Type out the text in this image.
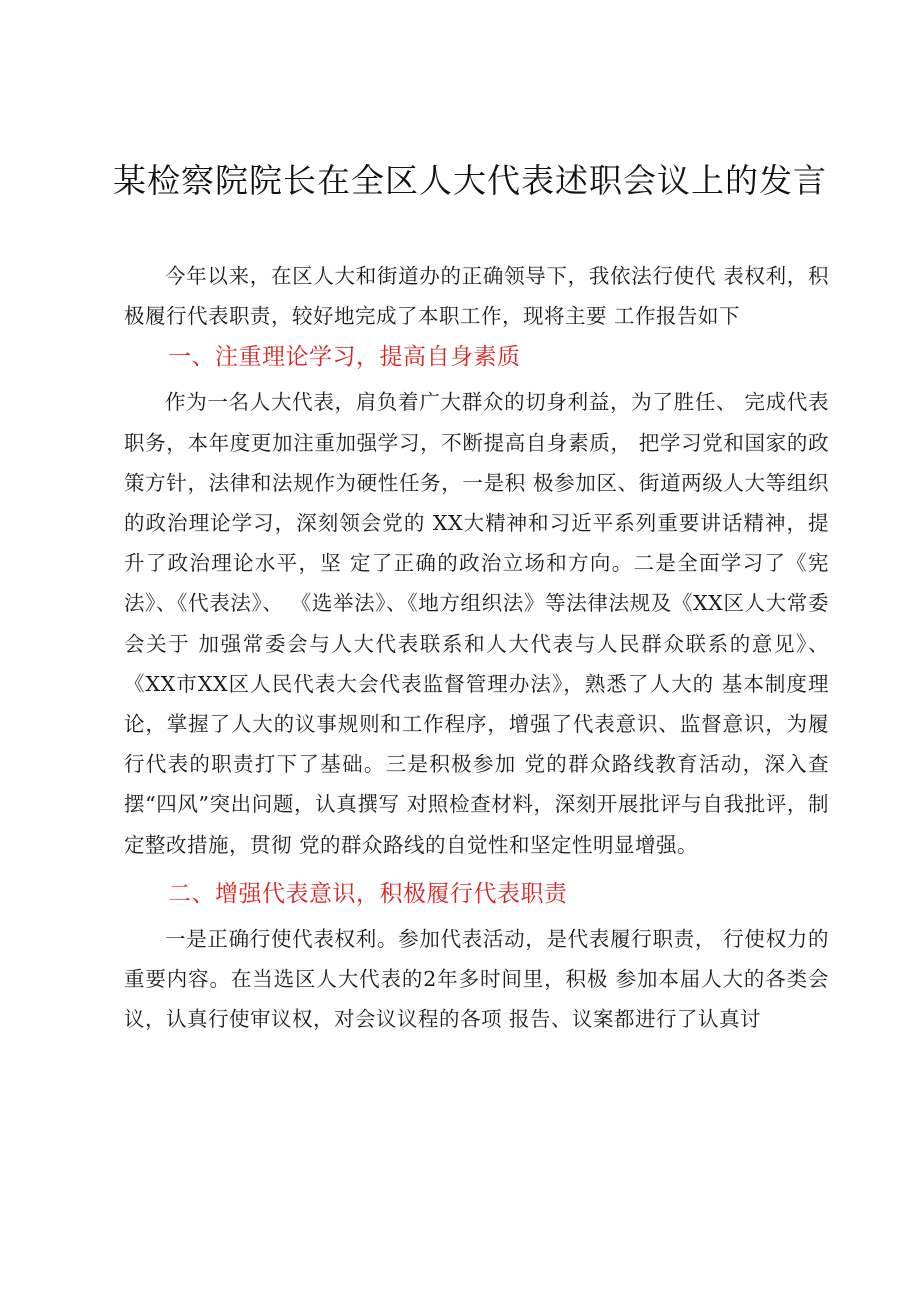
某检察院院长在全区人大代表述职会议上的发言

今年以来，在区人大和街道办的正确领导下，我依法行使代 表权利，积极履行代表职责，较好地完成了本职工作，现将主要 工作报告如下

一、注重理论学习，提高自身素质

作为一名人大代表，肩负着广大群众的切身利益，为了胜任、 完成代表职务，本年度更加注重加强学习，不断提高自身素质， 把学习党和国家的政策方针，法律和法规作为硬性任务，一是积 极参加区、街道两级人大等组织的政治理论学习，深刻领会党的 XX大精神和习近平系列重要讲话精神，提升了政治理论水平，坚 定了正确的政治立场和方向。二是全面学习了《宪法》、《代表法》、 《选举法》、《地方组织法》等法律法规及《XX区人大常委会关于 加强常委会与人大代表联系和人大代表与人民群众联系的意见》、 《XX市XX区人民代表大会代表监督管理办法》，熟悉了人大的 基本制度理论，掌握了人大的议事规则和工作程序，增强了代表意识、监督意识，为履行代表的职责打下了基础。三是积极参加 党的群众路线教育活动，深入查摆“四风”突出问题，认真撰写 对照检查材料，深刻开展批评与自我批评，制定整改措施，贯彻 党的群众路线的自觉性和坚定性明显增强。

二、增强代表意识，积极履行代表职责

一是正确行使代表权利。参加代表活动，是代表履行职责， 行使权力的重要内容。在当选区人大代表的2年多时间里，积极 参加本届人大的各类会议，认真行使审议权，对会议议程的各项 报告、议案都进行了认真讨
